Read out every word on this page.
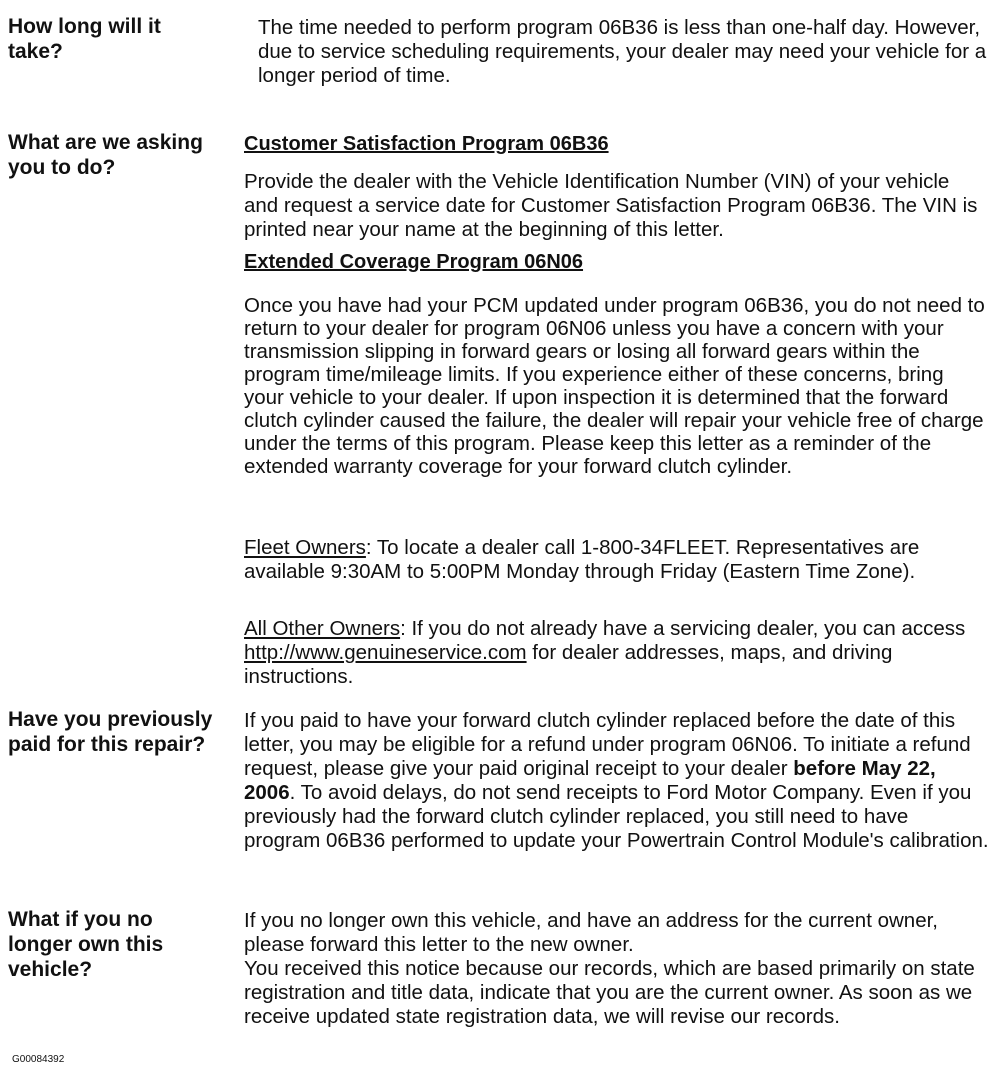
How long will it take?

The time needed to perform program 06B36 is less than one-half day. However, due to service scheduling requirements, your dealer may need your vehicle for a longer period of time.

What are we asking you to do?

Customer Satisfaction Program 06B36

Provide the dealer with the Vehicle Identification Number (VIN) of your vehicle and request a service date for Customer Satisfaction Program 06B36. The VIN is printed near your name at the beginning of this letter.

Extended Coverage Program 06N06

Once you have had your PCM updated under program 06B36, you do not need to return to your dealer for program 06N06 unless you have a concern with your transmission slipping in forward gears or losing all forward gears within the program time/mileage limits. If you experience either of these concerns, bring your vehicle to your dealer. If upon inspection it is determined that the forward clutch cylinder caused the failure, the dealer will repair your vehicle free of charge under the terms of this program. Please keep this letter as a reminder of the extended warranty coverage for your forward clutch cylinder.

Fleet Owners: To locate a dealer call 1-800-34FLEET. Representatives are available 9:30AM to 5:00PM Monday through Friday (Eastern Time Zone).

All Other Owners: If you do not already have a servicing dealer, you can access http://www.genuineservice.com for dealer addresses, maps, and driving instructions.

Have you previously paid for this repair?

If you paid to have your forward clutch cylinder replaced before the date of this letter, you may be eligible for a refund under program 06N06. To initiate a refund request, please give your paid original receipt to your dealer before May 22, 2006. To avoid delays, do not send receipts to Ford Motor Company. Even if you previously had the forward clutch cylinder replaced, you still need to have program 06B36 performed to update your Powertrain Control Module's calibration.

What if you no longer own this vehicle?

If you no longer own this vehicle, and have an address for the current owner, please forward this letter to the new owner.

You received this notice because our records, which are based primarily on state registration and title data, indicate that you are the current owner. As soon as we receive updated state registration data, we will revise our records.

G00084392
